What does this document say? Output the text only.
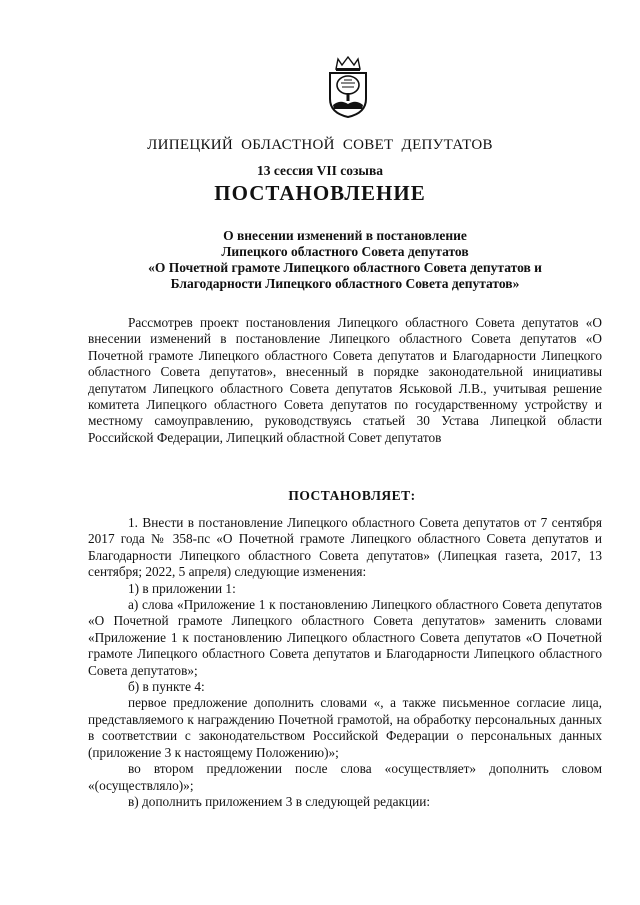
ЛИПЕЦКИЙ ОБЛАСТНОЙ СОВЕТ ДЕПУТАТОВ
13 сессия VII созыва
ПОСТАНОВЛЕНИЕ
О внесении изменений в постановление
Липецкого областного Совета депутатов
«О Почетной грамоте Липецкого областного Совета депутатов и
Благодарности Липецкого областного Совета депутатов»

Рассмотрев проект постановления Липецкого областного Совета депутатов «О внесении изменений в постановление Липецкого областного Совета депутатов «О Почетной грамоте Липецкого областного Совета депутатов и Благодарности Липецкого областного Совета депутатов», внесенный в порядке законодательной инициативы депутатом Липецкого областного Совета депутатов Яськовой Л.В., учитывая решение комитета Липецкого областного Совета депутатов по государственному устройству и местному самоуправлению, руководствуясь статьей 30 Устава Липецкой области Российской Федерации, Липецкий областной Совет депутатов

ПОСТАНОВЛЯЕТ:

1. Внести в постановление Липецкого областного Совета депутатов от 7 сентября 2017 года № 358-пс «О Почетной грамоте Липецкого областного Совета депутатов и Благодарности Липецкого областного Совета депутатов» (Липецкая газета, 2017, 13 сентября; 2022, 5 апреля) следующие изменения:

1) в приложении 1:

а) слова «Приложение 1 к постановлению Липецкого областного Совета депутатов «О Почетной грамоте Липецкого областного Совета депутатов» заменить словами «Приложение 1 к постановлению Липецкого областного Совета депутатов «О Почетной грамоте Липецкого областного Совета депутатов и Благодарности Липецкого областного Совета депутатов»;

б) в пункте 4:

первое предложение дополнить словами «, а также письменное согласие лица, представляемого к награждению Почетной грамотой, на обработку персональных данных в соответствии с законодательством Российской Федерации о персональных данных (приложение 3 к настоящему Положению)»;

во втором предложении после слова «осуществляет» дополнить словом «(осуществляло)»;

в) дополнить приложением 3 в следующей редакции:
